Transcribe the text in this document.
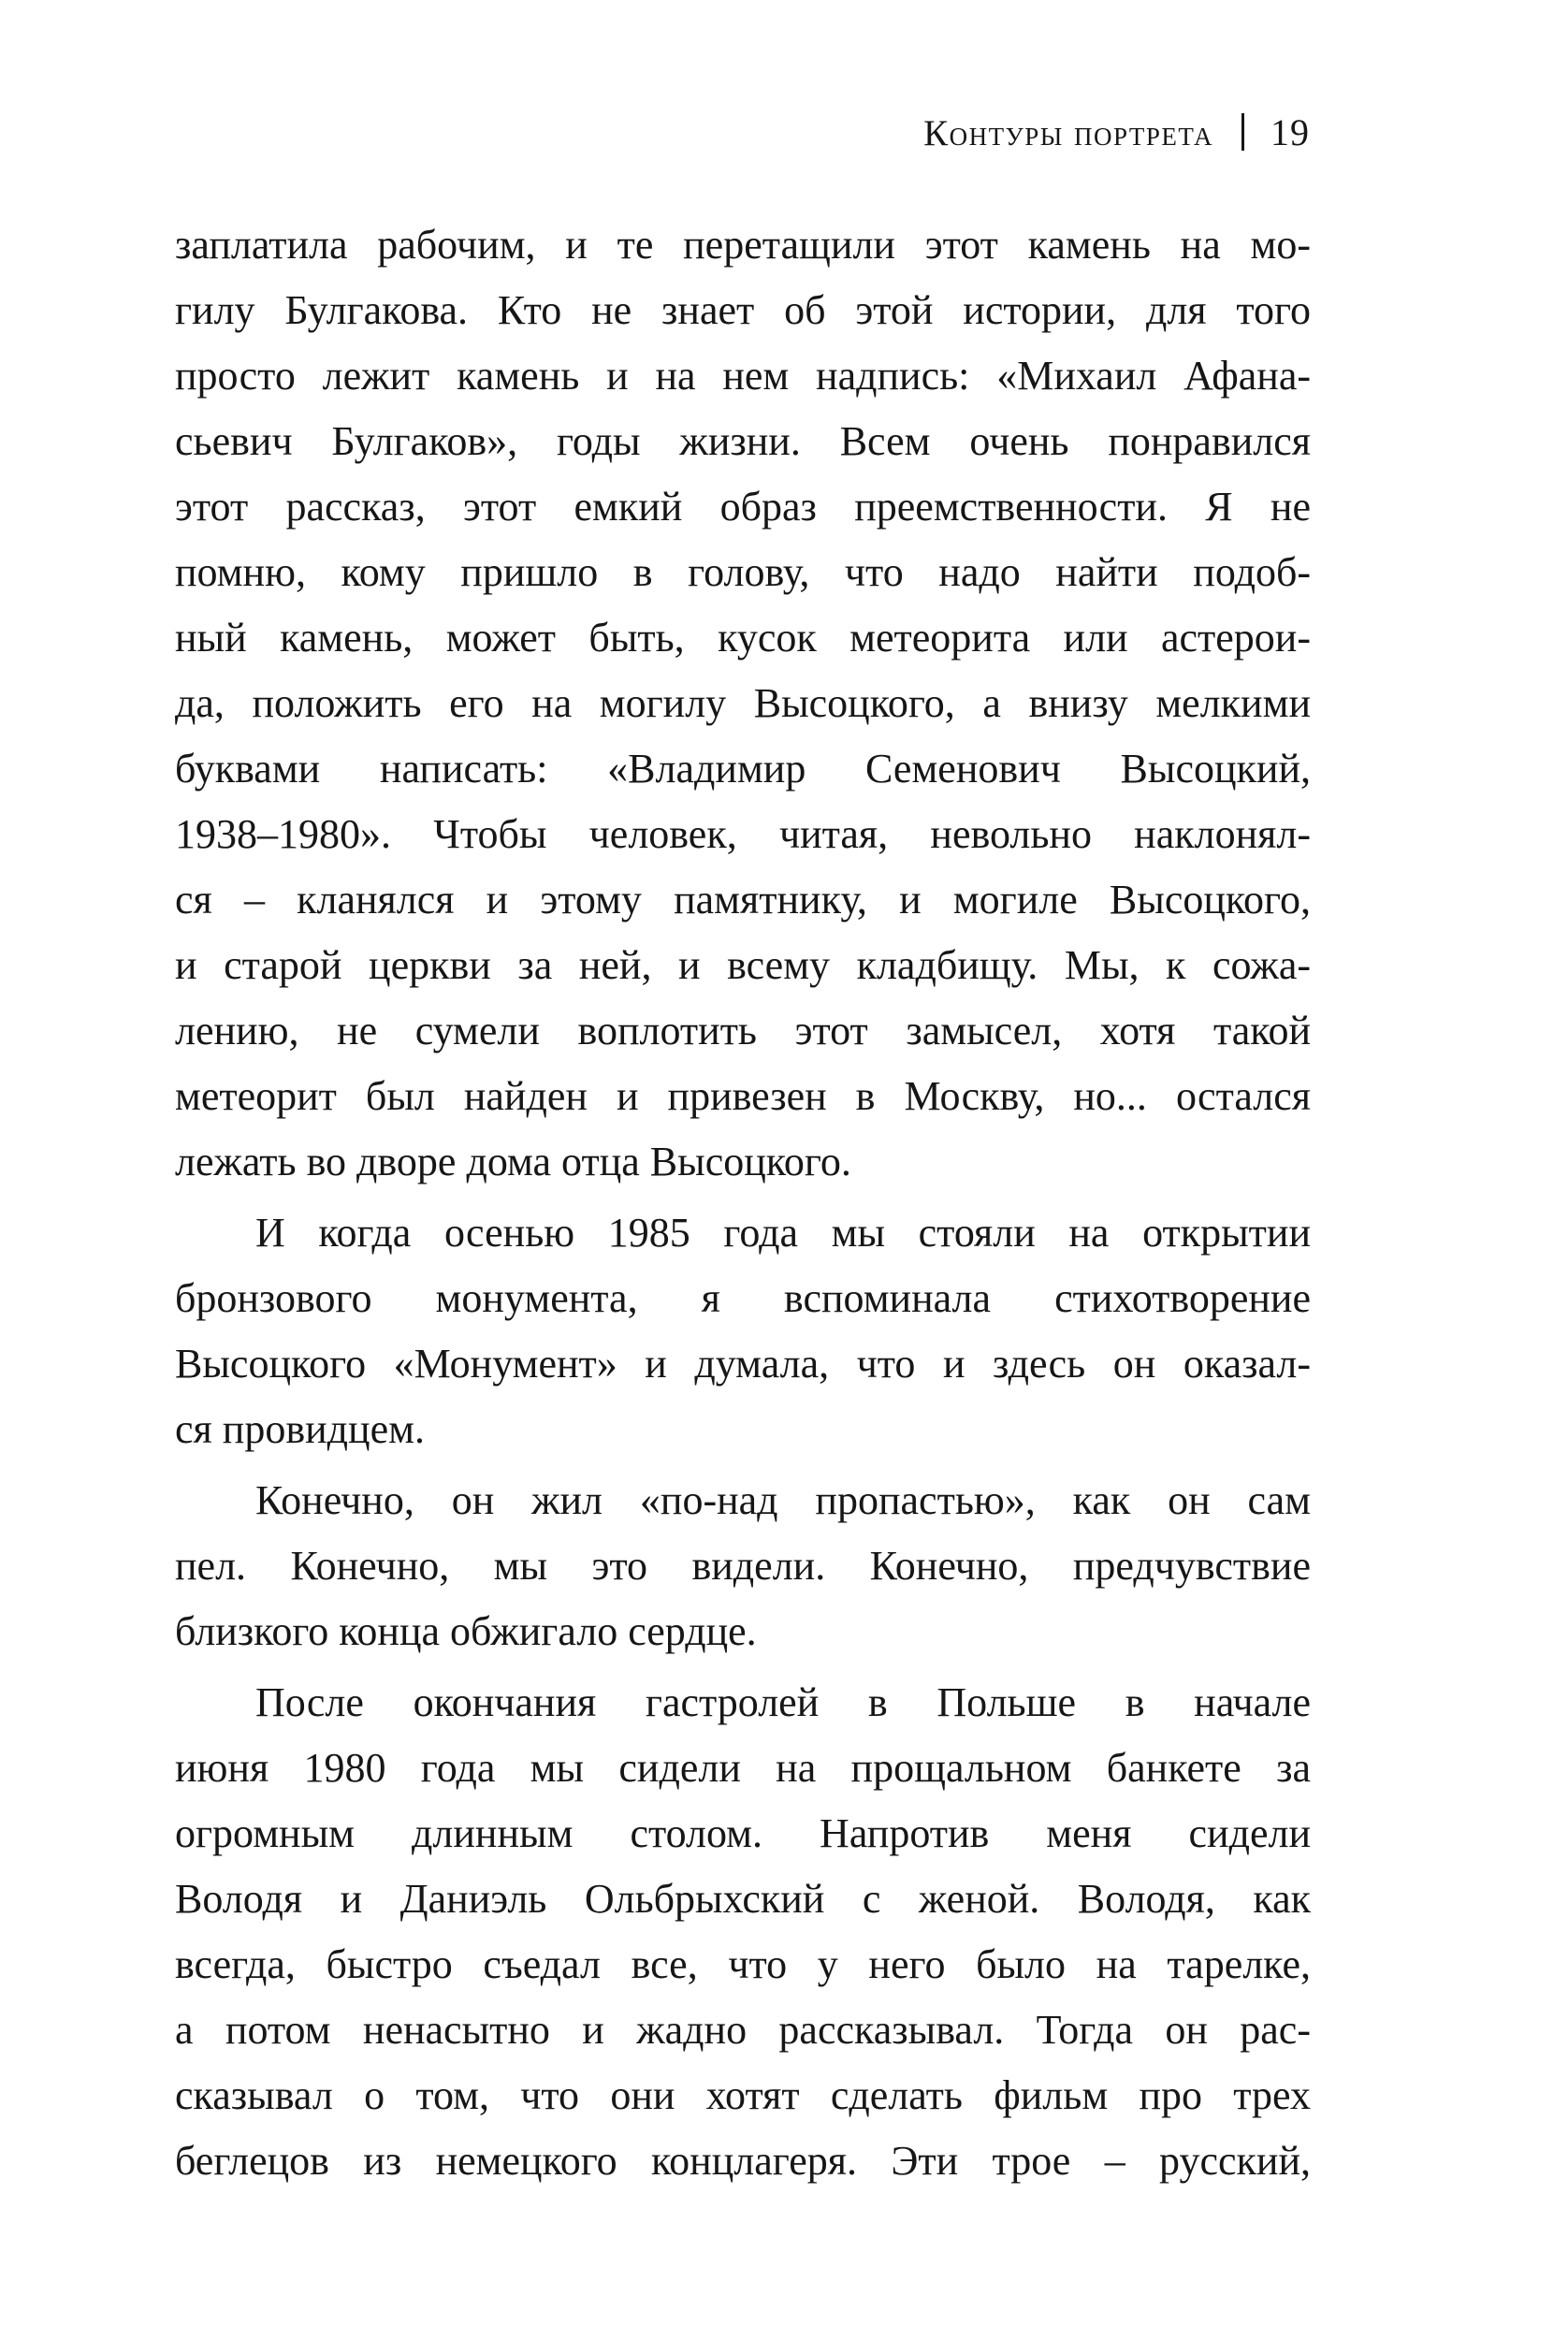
Контуры портрета 19
заплатила рабочим, и те перетащили этот камень на мо-
гилу Булгакова. Кто не знает об этой истории, для того
просто лежит камень и на нем надпись: «Михаил Афана-
сьевич Булгаков», годы жизни. Всем очень понравился
этот рассказ, этот емкий образ преемственности. Я не
помню, кому пришло в голову, что надо найти подоб-
ный камень, может быть, кусок метеорита или астерои-
да, положить его на могилу Высоцкого, а внизу мелкими
буквами написать: «Владимир Семенович Высоцкий,
1938–1980». Чтобы человек, читая, невольно наклонял-
ся – кланялся и этому памятнику, и могиле Высоцкого,
и старой церкви за ней, и всему кладбищу. Мы, к сожа-
лению, не сумели воплотить этот замысел, хотя такой
метеорит был найден и привезен в Москву, но... остался
лежать во дворе дома отца Высоцкого.
И когда осенью 1985 года мы стояли на открытии
бронзового монумента, я вспоминала стихотворение
Высоцкого «Монумент» и думала, что и здесь он оказал-
ся провидцем.
Конечно, он жил «по-над пропастью», как он сам
пел. Конечно, мы это видели. Конечно, предчувствие
близкого конца обжигало сердце.
После окончания гастролей в Польше в начале
июня 1980 года мы сидели на прощальном банкете за
огромным длинным столом. Напротив меня сидели
Володя и Даниэль Ольбрыхский с женой. Володя, как
всегда, быстро съедал все, что у него было на тарелке,
а потом ненасытно и жадно рассказывал. Тогда он рас-
сказывал о том, что они хотят сделать фильм про трех
беглецов из немецкого концлагеря. Эти трое – русский,
